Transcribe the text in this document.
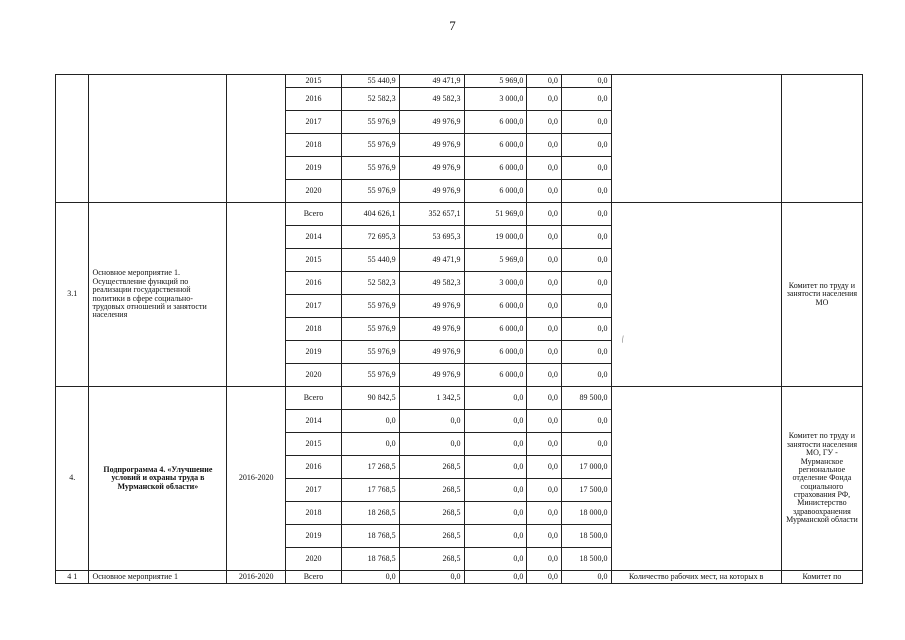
7
⁄
			2015	55 440,9	49 471,9	5 969,0	0,0	0,0		
			2016	52 582,3	49 582,3	3 000,0	0,0	0,0		
			2017	55 976,9	49 976,9	6 000,0	0,0	0,0		
			2018	55 976,9	49 976,9	6 000,0	0,0	0,0		
			2019	55 976,9	49 976,9	6 000,0	0,0	0,0		
			2020	55 976,9	49 976,9	6 000,0	0,0	0,0		
3.1	Основное мероприятие 1. Осуществление функций по реализации государственной политики в сфере социально-трудовых отношений и занятости населения		Всего	404 626,1	352 657,1	51 969,0	0,0	0,0		Комитет по труду и занятости населения МО
			2014	72 695,3	53 695,3	19 000,0	0,0	0,0		
			2015	55 440,9	49 471,9	5 969,0	0,0	0,0		
			2016	52 582,3	49 582,3	3 000,0	0,0	0,0		
			2017	55 976,9	49 976,9	6 000,0	0,0	0,0		
			2018	55 976,9	49 976,9	6 000,0	0,0	0,0		
			2019	55 976,9	49 976,9	6 000,0	0,0	0,0		
			2020	55 976,9	49 976,9	6 000,0	0,0	0,0		
4.	Подпрограмма 4. «Улучшение условий и охраны труда в Мурманской области»	2016-2020	Всего	90 842,5	1 342,5	0,0	0,0	89 500,0		Комитет по труду и занятости населения МО, ГУ - Мурманское региональное отделение Фонда социального страхования РФ, Министерство здравоохранения Мурманской области
			2014	0,0	0,0	0,0	0,0	0,0		
			2015	0,0	0,0	0,0	0,0	0,0		
			2016	17 268,5	268,5	0,0	0,0	17 000,0		
			2017	17 768,5	268,5	0,0	0,0	17 500,0		
			2018	18 268,5	268,5	0,0	0,0	18 000,0		
			2019	18 768,5	268,5	0,0	0,0	18 500,0		
			2020	18 768,5	268,5	0,0	0,0	18 500,0		
4 1	Основное мероприятие 1	2016-2020	Всего	0,0	0,0	0,0	0,0	0,0	Количество рабочих мест, на которых в	Комитет по
